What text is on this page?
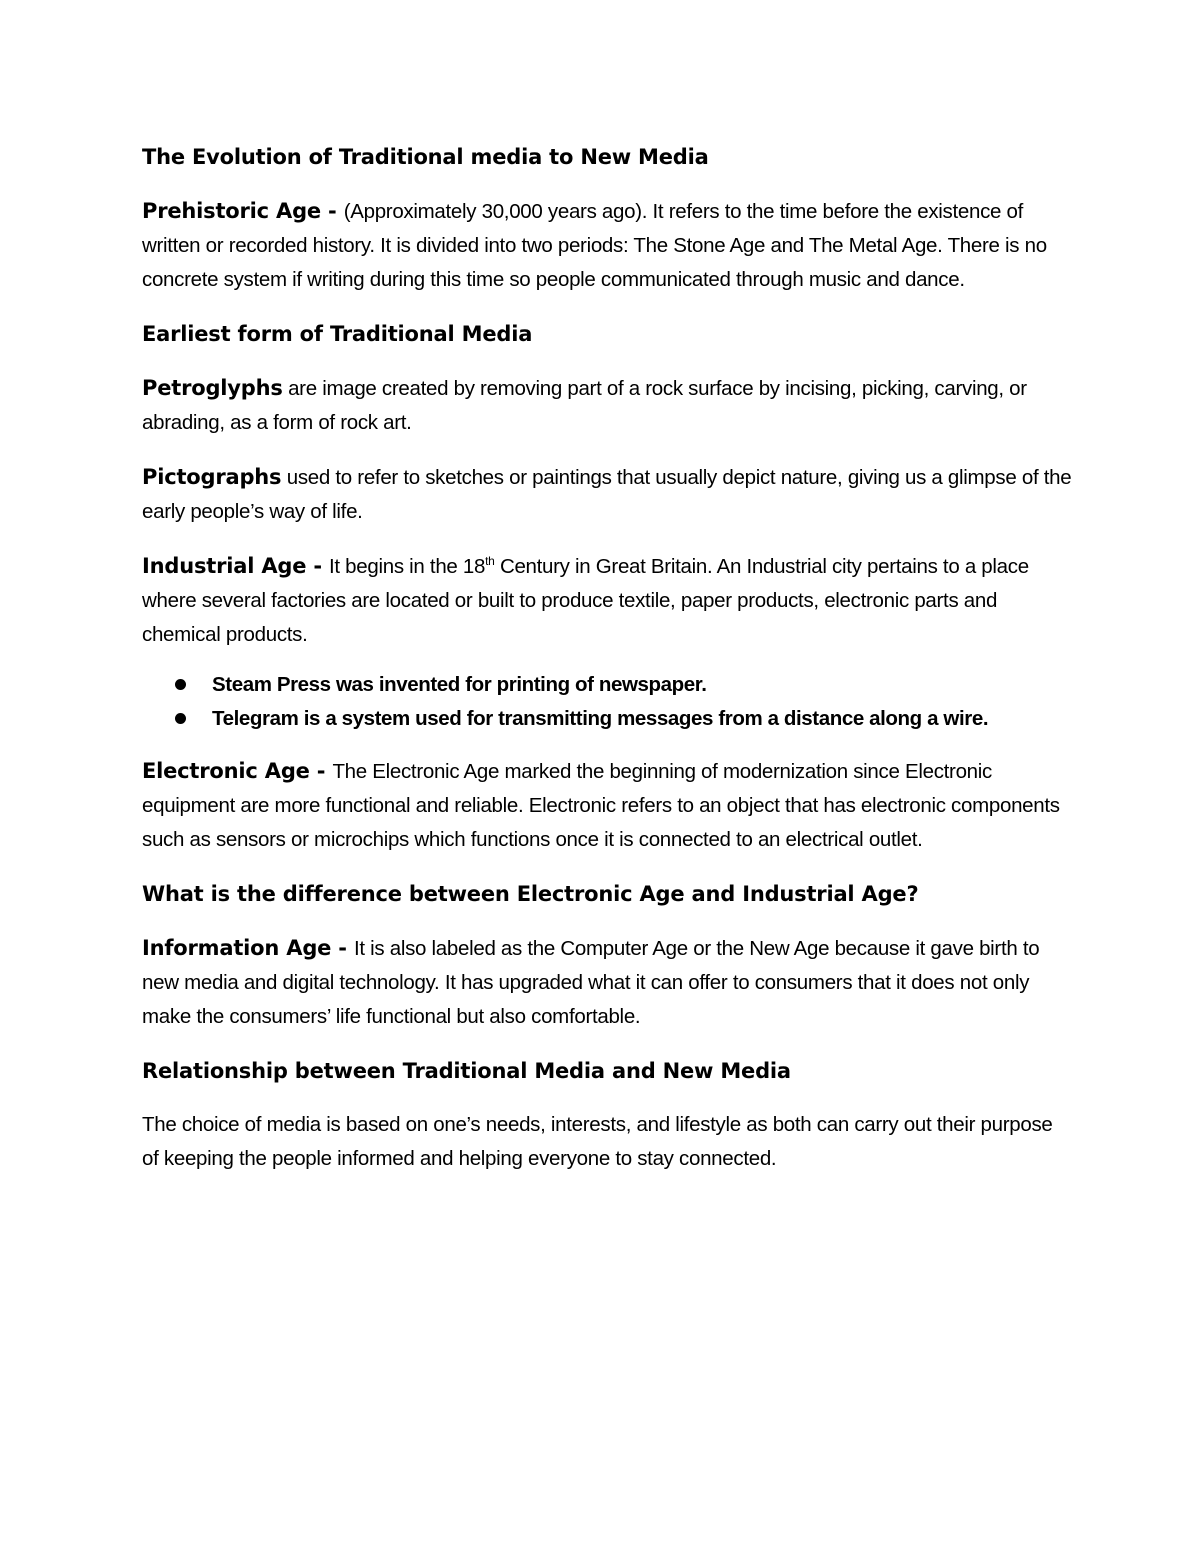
The Evolution of Traditional media to New Media
Prehistoric Age - (Approximately 30,000 years ago). It refers to the time before the existence of written or recorded history. It is divided into two periods: The Stone Age and The Metal Age. There is no concrete system if writing during this time so people communicated through music and dance.
Earliest form of Traditional Media
Petroglyphs are image created by removing part of a rock surface by incising, picking, carving, or abrading, as a form of rock art.
Pictographs used to refer to sketches or paintings that usually depict nature, giving us a glimpse of the early people’s way of life.
Industrial Age - It begins in the 18th Century in Great Britain. An Industrial city pertains to a place where several factories are located or built to produce textile, paper products, electronic parts and chemical products.
Steam Press was invented for printing of newspaper.
Telegram is a system used for transmitting messages from a distance along a wire.
Electronic Age - The Electronic Age marked the beginning of modernization since Electronic equipment are more functional and reliable. Electronic refers to an object that has electronic components such as sensors or microchips which functions once it is connected to an electrical outlet.
What is the difference between Electronic Age and Industrial Age?
Information Age - It is also labeled as the Computer Age or the New Age because it gave birth to new media and digital technology. It has upgraded what it can offer to consumers that it does not only make the consumers’ life functional but also comfortable.
Relationship between Traditional Media and New Media
The choice of media is based on one’s needs, interests, and lifestyle as both can carry out their purpose of keeping the people informed and helping everyone to stay connected.
